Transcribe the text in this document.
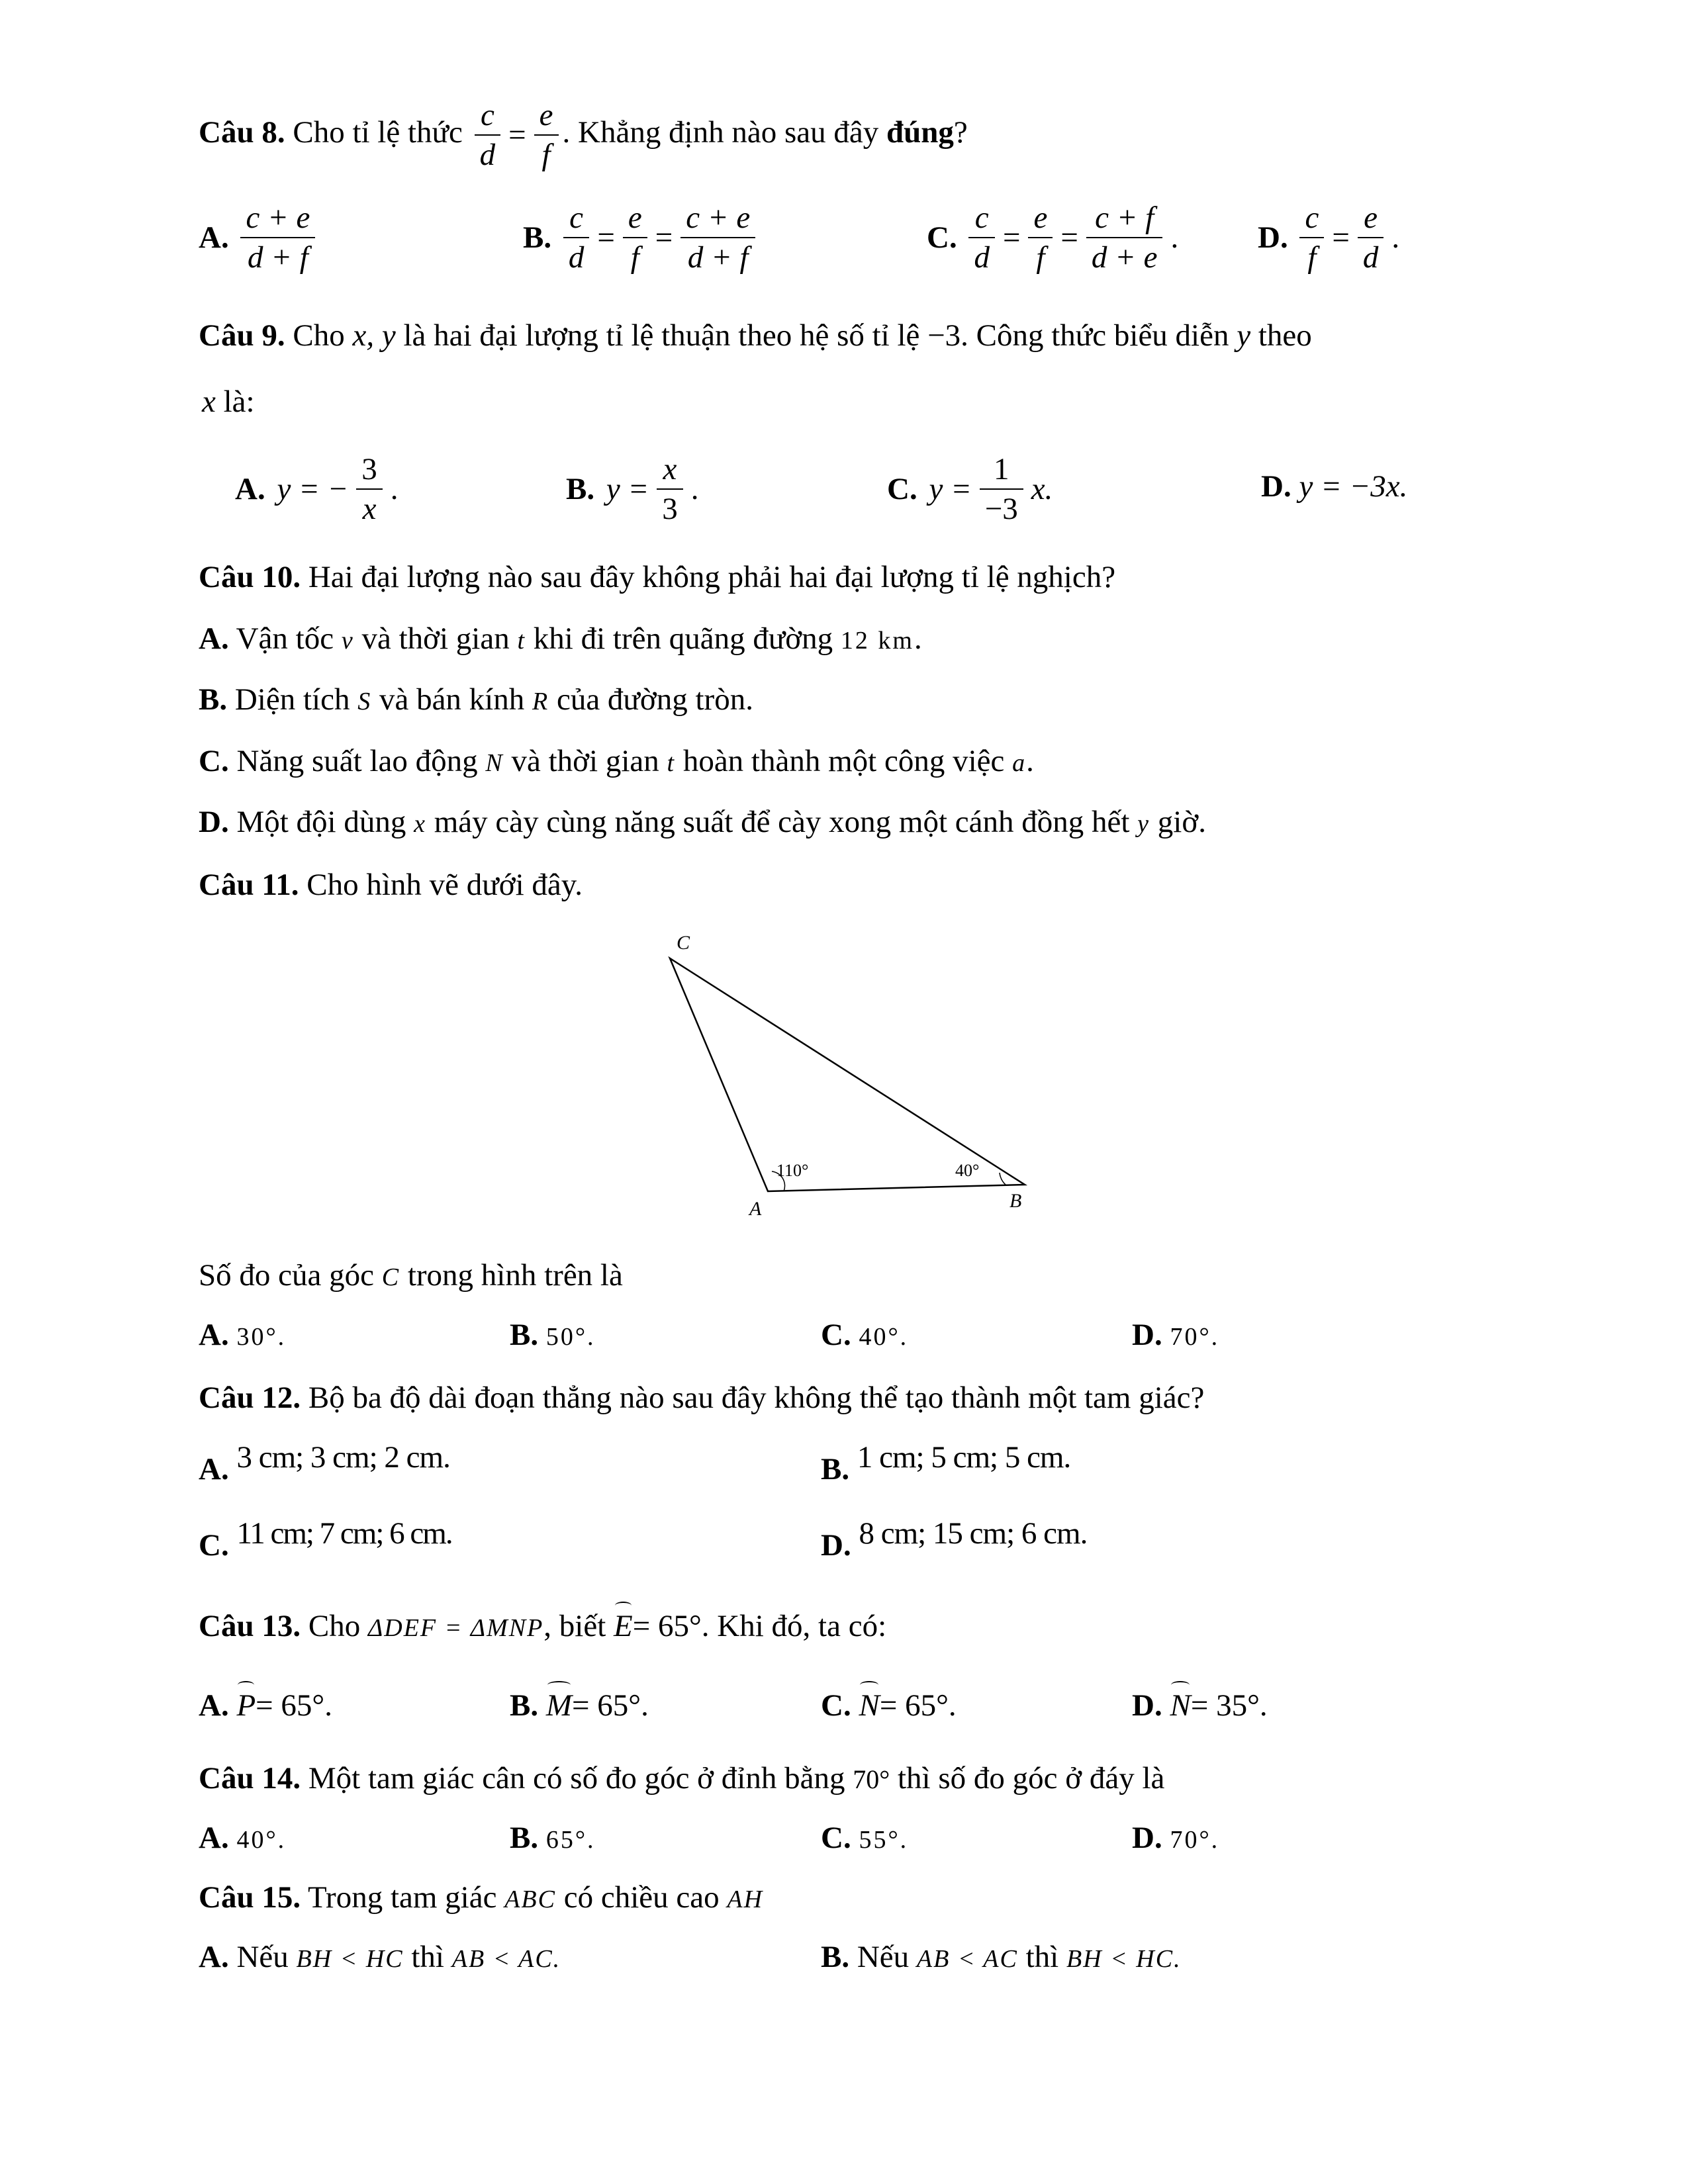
Câu 8. Cho tỉ lệ thức $\frac{c}{d} = \frac{e}{f}$ . Khẳng định nào sau đây đúng?
A. $\frac{c + e}{d + f}$	B. $\frac{c}{d} = \frac{e}{f} = \frac{c + e}{d + f}$	C. $\frac{c}{d} = \frac{e}{f} = \frac{c + f}{d + e}$ .	D. $\frac{c}{f} = \frac{e}{d}$ .
Câu 9. Cho x, y là hai đại lượng tỉ lệ thuận theo hệ số tỉ lệ −3. Công thức biểu diễn y theo
x là:
A. y = − $\frac{3}{x}$ .	B. $y = \frac{x}{3}$ .	C. $y = \frac{1}{-3} x$.	D. y = −3x.
Câu 10. Hai đại lượng nào sau đây không phải hai đại lượng tỉ lệ nghịch?
A. Vận tốc v và thời gian t khi đi trên quãng đường 12 km.
B. Diện tích S và bán kính R của đường tròn.
C. Năng suất lao động N và thời gian t hoàn thành một công việc a.
D. Một đội dùng x máy cày cùng năng suất để cày xong một cánh đồng hết y giờ.
Câu 11. Cho hình vẽ dưới đây.
C
A	B
110°	40°
Số đo của góc C trong hình trên là
A. 30°.	B. 50°.	C. 40°.	D. 70°.
Câu 12. Bộ ba độ dài đoạn thẳng nào sau đây không thể tạo thành một tam giác?
A. 3 cm; 3 cm; 2 cm.	B. 1 cm; 5 cm; 5 cm.
C. 11 cm; 7 cm; 6 cm.	D. 8 cm; 15 cm; 6 cm.
Câu 13. Cho ΔDEF = ΔMNP, biết E= 65°. Khi đó, ta có:
A. P= 65°.	B. M= 65°.	C. N= 65°.	D. N= 35°.
Câu 14. Một tam giác cân có số đo góc ở đỉnh bằng 70° thì số đo góc ở đáy là
A. 40°.	B. 65°.	C. 55°.	D. 70°.
Câu 15. Trong tam giác ABC có chiều cao AH
A. Nếu BH < HC thì AB < AC.	B. Nếu AB < AC thì BH < HC.
